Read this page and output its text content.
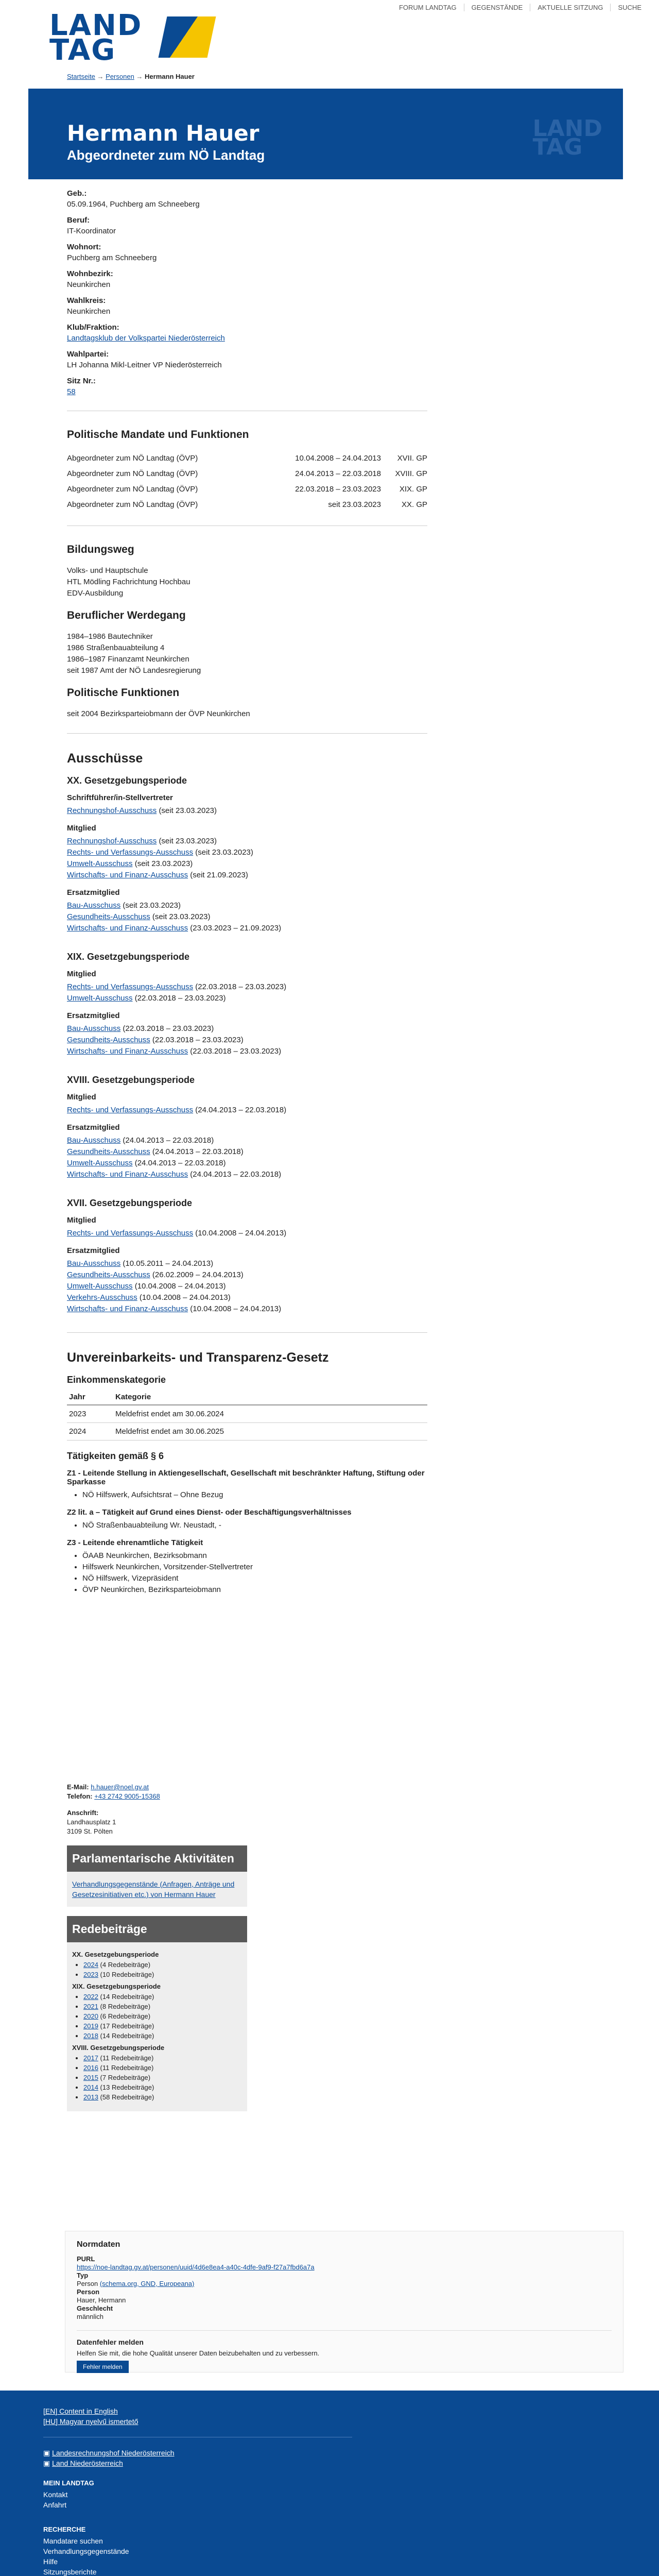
LAND
TAG
FORUM LANDTAG	GEGENSTÄNDE	AKTUELLE SITZUNG	SUCHE
Startseite → Personen → Hermann Hauer
Hermann Hauer
Abgeordneter zum NÖ Landtag
LAND
TAG
Geb.:
05.09.1964, Puchberg am Schneeberg
Beruf:
IT-Koordinator
Wohnort:
Puchberg am Schneeberg
Wohnbezirk:
Neunkirchen
Wahlkreis:
Neunkirchen
Klub/Fraktion:
Landtagsklub der Volkspartei Niederösterreich
Wahlpartei:
LH Johanna Mikl-Leitner VP Niederösterreich
Sitz Nr.:
58
Politische Mandate und Funktionen
Abgeordneter zum NÖ Landtag (ÖVP)	10.04.2008 – 24.04.2013	XVII. GP
Abgeordneter zum NÖ Landtag (ÖVP)	24.04.2013 – 22.03.2018	XVIII. GP
Abgeordneter zum NÖ Landtag (ÖVP)	22.03.2018 – 23.03.2023	XIX. GP
Abgeordneter zum NÖ Landtag (ÖVP)	seit 23.03.2023	XX. GP
Bildungsweg
Volks- und Hauptschule
HTL Mödling Fachrichtung Hochbau
EDV-Ausbildung
Beruflicher Werdegang
1984–1986 Bautechniker
1986 Straßenbauabteilung 4
1986–1987 Finanzamt Neunkirchen
seit 1987 Amt der NÖ Landesregierung
Politische Funktionen
seit 2004 Bezirksparteiobmann der ÖVP Neunkirchen
Ausschüsse
XX. Gesetzgebungsperiode
Schriftführer/in-Stellvertreter
Rechnungshof-Ausschuss (seit 23.03.2023)
Mitglied
Rechnungshof-Ausschuss (seit 23.03.2023)
Rechts- und Verfassungs-Ausschuss (seit 23.03.2023)
Umwelt-Ausschuss (seit 23.03.2023)
Wirtschafts- und Finanz-Ausschuss (seit 21.09.2023)
Ersatzmitglied
Bau-Ausschuss (seit 23.03.2023)
Gesundheits-Ausschuss (seit 23.03.2023)
Wirtschafts- und Finanz-Ausschuss (23.03.2023 – 21.09.2023)
XIX. Gesetzgebungsperiode
Mitglied
Rechts- und Verfassungs-Ausschuss (22.03.2018 – 23.03.2023)
Umwelt-Ausschuss (22.03.2018 – 23.03.2023)
Ersatzmitglied
Bau-Ausschuss (22.03.2018 – 23.03.2023)
Gesundheits-Ausschuss (22.03.2018 – 23.03.2023)
Wirtschafts- und Finanz-Ausschuss (22.03.2018 – 23.03.2023)
XVIII. Gesetzgebungsperiode
Mitglied
Rechts- und Verfassungs-Ausschuss (24.04.2013 – 22.03.2018)
Ersatzmitglied
Bau-Ausschuss (24.04.2013 – 22.03.2018)
Gesundheits-Ausschuss (24.04.2013 – 22.03.2018)
Umwelt-Ausschuss (24.04.2013 – 22.03.2018)
Wirtschafts- und Finanz-Ausschuss (24.04.2013 – 22.03.2018)
XVII. Gesetzgebungsperiode
Mitglied
Rechts- und Verfassungs-Ausschuss (10.04.2008 – 24.04.2013)
Ersatzmitglied
Bau-Ausschuss (10.05.2011 – 24.04.2013)
Gesundheits-Ausschuss (26.02.2009 – 24.04.2013)
Umwelt-Ausschuss (10.04.2008 – 24.04.2013)
Verkehrs-Ausschuss (10.04.2008 – 24.04.2013)
Wirtschafts- und Finanz-Ausschuss (10.04.2008 – 24.04.2013)
Unvereinbarkeits- und Transparenz-Gesetz
Einkommenskategorie
Jahr	Kategorie
2023	Meldefrist endet am 30.06.2024
2024	Meldefrist endet am 30.06.2025
Tätigkeiten gemäß § 6
Z1 - Leitende Stellung in Aktiengesellschaft, Gesellschaft mit beschränkter Haftung, Stiftung oder Sparkasse
• NÖ Hilfswerk, Aufsichtsrat – Ohne Bezug
Z2 lit. a – Tätigkeit auf Grund eines Dienst- oder Beschäftigungsverhältnisses
• NÖ Straßenbauabteilung Wr. Neustadt, -
Z3 - Leitende ehrenamtliche Tätigkeit
• ÖAAB Neunkirchen, Bezirksobmann
• Hilfswerk Neunkirchen, Vorsitzender-Stellvertreter
• NÖ Hilfswerk, Vizepräsident
• ÖVP Neunkirchen, Bezirksparteiobmann
E-Mail: h.hauer@noel.gv.at
Telefon: +43 2742 9005-15368
Anschrift:
Landhausplatz 1
3109 St. Pölten
Parlamentarische Aktivitäten
Verhandlungsgegenstände (Anfragen, Anträge und Gesetzesinitiativen etc.) von Hermann Hauer
Redebeiträge
XX. Gesetzgebungsperiode
• 2024 (4 Redebeiträge)
• 2023 (10 Redebeiträge)
XIX. Gesetzgebungsperiode
• 2022 (14 Redebeiträge)
• 2021 (8 Redebeiträge)
• 2020 (6 Redebeiträge)
• 2019 (17 Redebeiträge)
• 2018 (14 Redebeiträge)
XVIII. Gesetzgebungsperiode
• 2017 (11 Redebeiträge)
• 2016 (11 Redebeiträge)
• 2015 (7 Redebeiträge)
• 2014 (13 Redebeiträge)
• 2013 (58 Redebeiträge)
Normdaten
PURL
https://noe-landtag.gv.at/personen/uuid/4d6e8ea4-a40c-4dfe-9af9-f27a7fbd6a7a
Typ
Person (schema.org, GND, Europeana)
Person
Hauer, Hermann
Geschlecht
männlich
Datenfehler melden
Helfen Sie mit, die hohe Qualität unserer Daten beizubehalten und zu verbessern.
Fehler melden
[EN] Content in English
[HU] Magyar nyelvű ismertető
▣ Landesrechnungshof Niederösterreich
▣ Land Niederösterreich
MEIN LANDTAG
Kontakt
Anfahrt
RECHERCHE
Mandatare suchen
Verhandlungsgegenstände
Hilfe
Sitzungsberichte
